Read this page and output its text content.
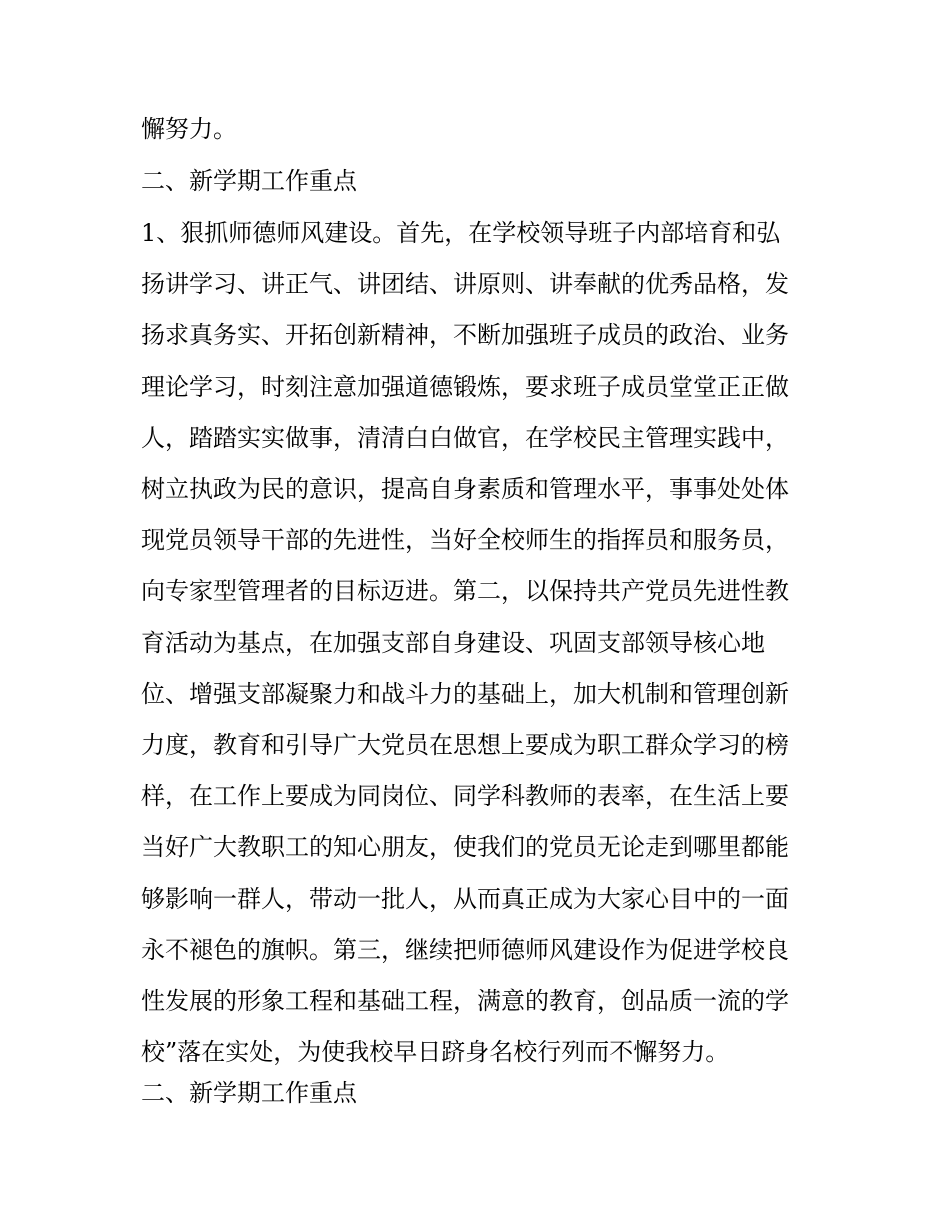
懈努力。
二、新学期工作重点
1、狠抓师德师风建设。首先，在学校领导班子内部培育和弘
扬讲学习、讲正气、讲团结、讲原则、讲奉献的优秀品格，发
扬求真务实、开拓创新精神，不断加强班子成员的政治、业务
理论学习，时刻注意加强道德锻炼，要求班子成员堂堂正正做
人，踏踏实实做事，清清白白做官，在学校民主管理实践中，
树立执政为民的意识，提高自身素质和管理水平，事事处处体
现党员领导干部的先进性，当好全校师生的指挥员和服务员，
向专家型管理者的目标迈进。第二，以保持共产党员先进性教
育活动为基点，在加强支部自身建设、巩固支部领导核心地
位、增强支部凝聚力和战斗力的基础上，加大机制和管理创新
力度，教育和引导广大党员在思想上要成为职工群众学习的榜
样，在工作上要成为同岗位、同学科教师的表率，在生活上要
当好广大教职工的知心朋友，使我们的党员无论走到哪里都能
够影响一群人，带动一批人，从而真正成为大家心目中的一面
永不褪色的旗帜。第三，继续把师德师风建设作为促进学校良
性发展的形象工程和基础工程，满意的教育，创品质一流的学
校”落在实处，为使我校早日跻身名校行列而不懈努力。
二、新学期工作重点
